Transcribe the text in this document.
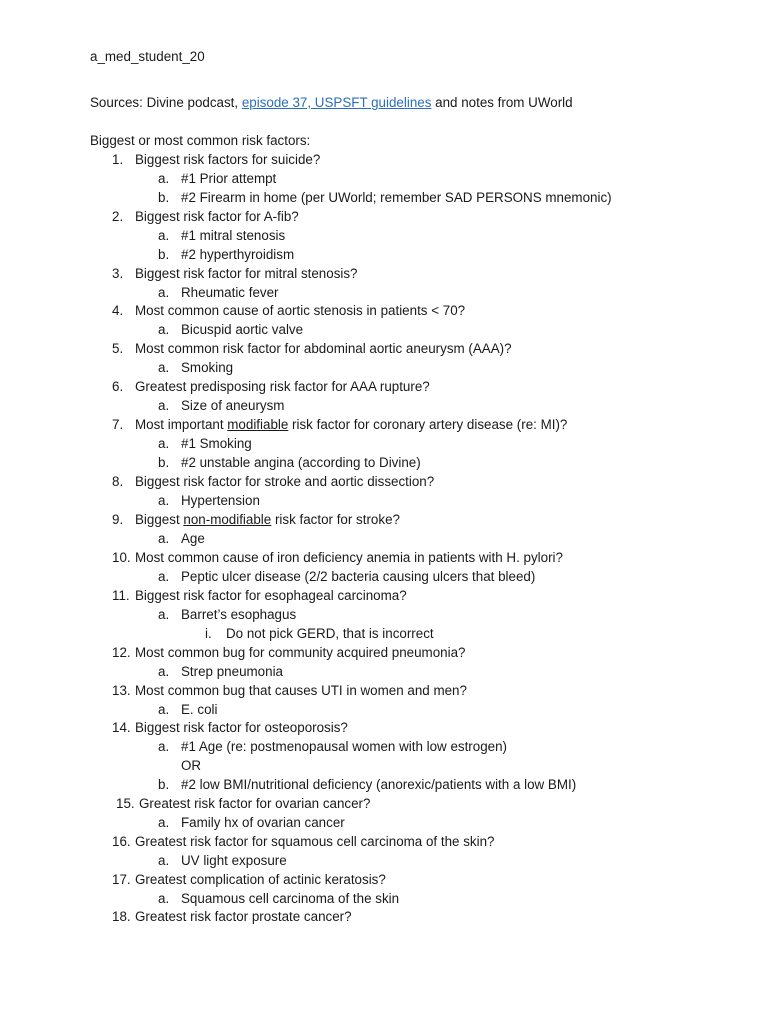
a_med_student_20
Sources: Divine podcast, episode 37, USPSFT guidelines and notes from UWorld
Biggest or most common risk factors:
1. Biggest risk factors for suicide?
a. #1 Prior attempt
b. #2 Firearm in home (per UWorld; remember SAD PERSONS mnemonic)
2. Biggest risk factor for A-fib?
a. #1 mitral stenosis
b. #2 hyperthyroidism
3. Biggest risk factor for mitral stenosis?
a. Rheumatic fever
4. Most common cause of aortic stenosis in patients < 70?
a. Bicuspid aortic valve
5. Most common risk factor for abdominal aortic aneurysm (AAA)?
a. Smoking
6. Greatest predisposing risk factor for AAA rupture?
a. Size of aneurysm
7. Most important modifiable risk factor for coronary artery disease (re: MI)?
a. #1 Smoking
b. #2 unstable angina (according to Divine)
8. Biggest risk factor for stroke and aortic dissection?
a. Hypertension
9. Biggest non-modifiable risk factor for stroke?
a. Age
10. Most common cause of iron deficiency anemia in patients with H. pylori?
a. Peptic ulcer disease (2/2 bacteria causing ulcers that bleed)
11. Biggest risk factor for esophageal carcinoma?
a. Barret’s esophagus
i.	Do not pick GERD, that is incorrect
12. Most common bug for community acquired pneumonia?
a. Strep pneumonia
13. Most common bug that causes UTI in women and men?
a. E. coli
14. Biggest risk factor for osteoporosis?
a. #1 Age (re: postmenopausal women with low estrogen)
OR
b. #2 low BMI/nutritional deficiency (anorexic/patients with a low BMI)
15. Greatest risk factor for ovarian cancer?
a. Family hx of ovarian cancer
16. Greatest risk factor for squamous cell carcinoma of the skin?
a. UV light exposure
17. Greatest complication of actinic keratosis?
a. Squamous cell carcinoma of the skin
18. Greatest risk factor prostate cancer?
